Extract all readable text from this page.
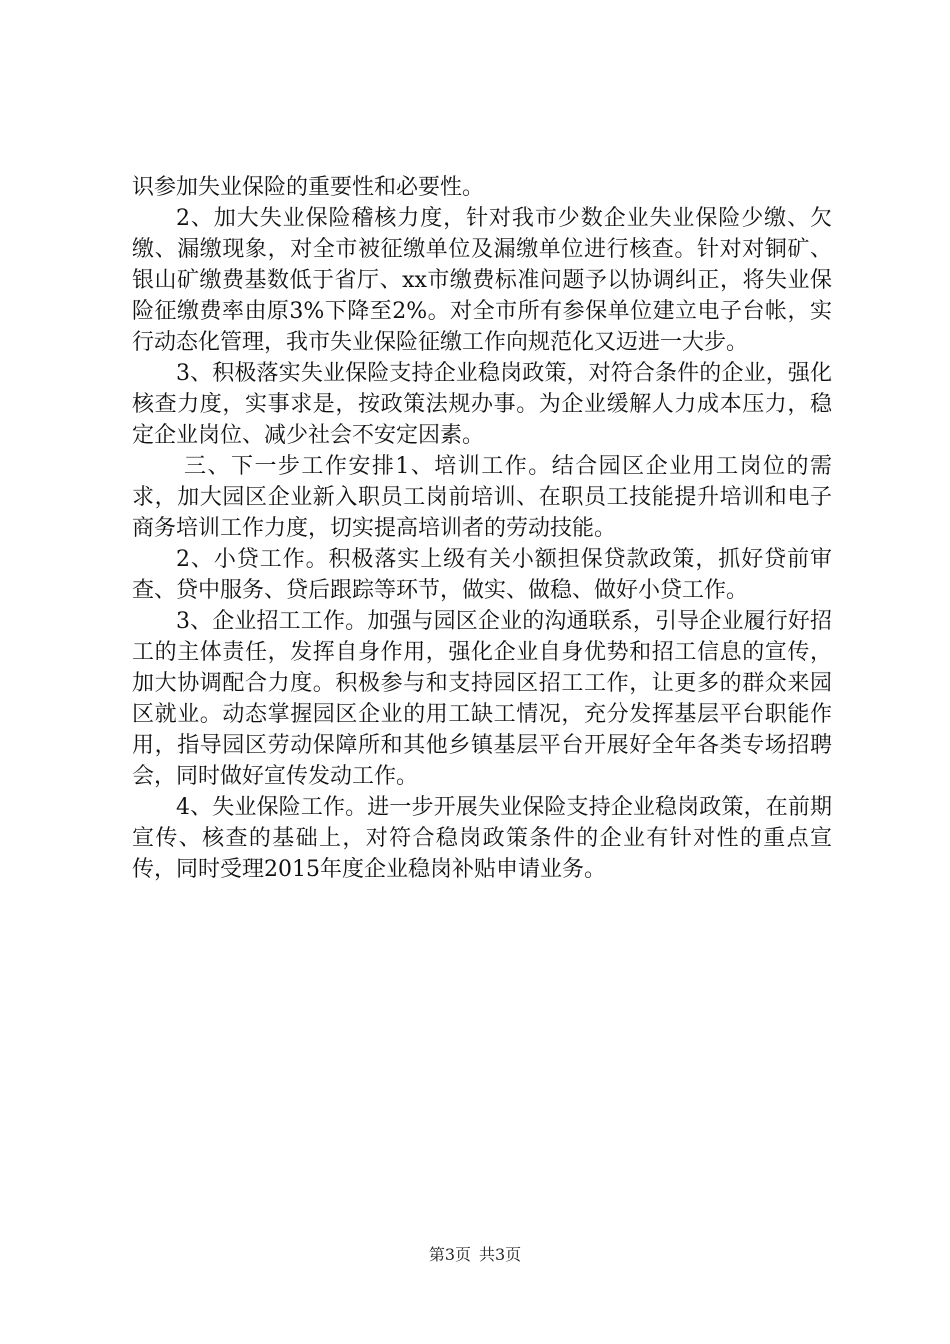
识参加失业保险的重要性和必要性。

2、加大失业保险稽核力度，针对我市少数企业失业保险少缴、欠缴、漏缴现象，对全市被征缴单位及漏缴单位进行核查。针对对铜矿、银山矿缴费基数低于省厅、xx市缴费标准问题予以协调纠正，将失业保险征缴费率由原3%下降至2%。对全市所有参保单位建立电子台帐，实行动态化管理，我市失业保险征缴工作向规范化又迈进一大步。

3、积极落实失业保险支持企业稳岗政策，对符合条件的企业，强化核查力度，实事求是，按政策法规办事。为企业缓解人力成本压力，稳定企业岗位、减少社会不安定因素。

三、下一步工作安排1、培训工作。结合园区企业用工岗位的需求，加大园区企业新入职员工岗前培训、在职员工技能提升培训和电子商务培训工作力度，切实提高培训者的劳动技能。

2、小贷工作。积极落实上级有关小额担保贷款政策，抓好贷前审查、贷中服务、贷后跟踪等环节，做实、做稳、做好小贷工作。

3、企业招工工作。加强与园区企业的沟通联系，引导企业履行好招工的主体责任，发挥自身作用，强化企业自身优势和招工信息的宣传，加大协调配合力度。积极参与和支持园区招工工作，让更多的群众来园区就业。动态掌握园区企业的用工缺工情况，充分发挥基层平台职能作用，指导园区劳动保障所和其他乡镇基层平台开展好全年各类专场招聘会，同时做好宣传发动工作。

4、失业保险工作。进一步开展失业保险支持企业稳岗政策，在前期宣传、核查的基础上，对符合稳岗政策条件的企业有针对性的重点宣传，同时受理2015年度企业稳岗补贴申请业务。

第3页 共3页
